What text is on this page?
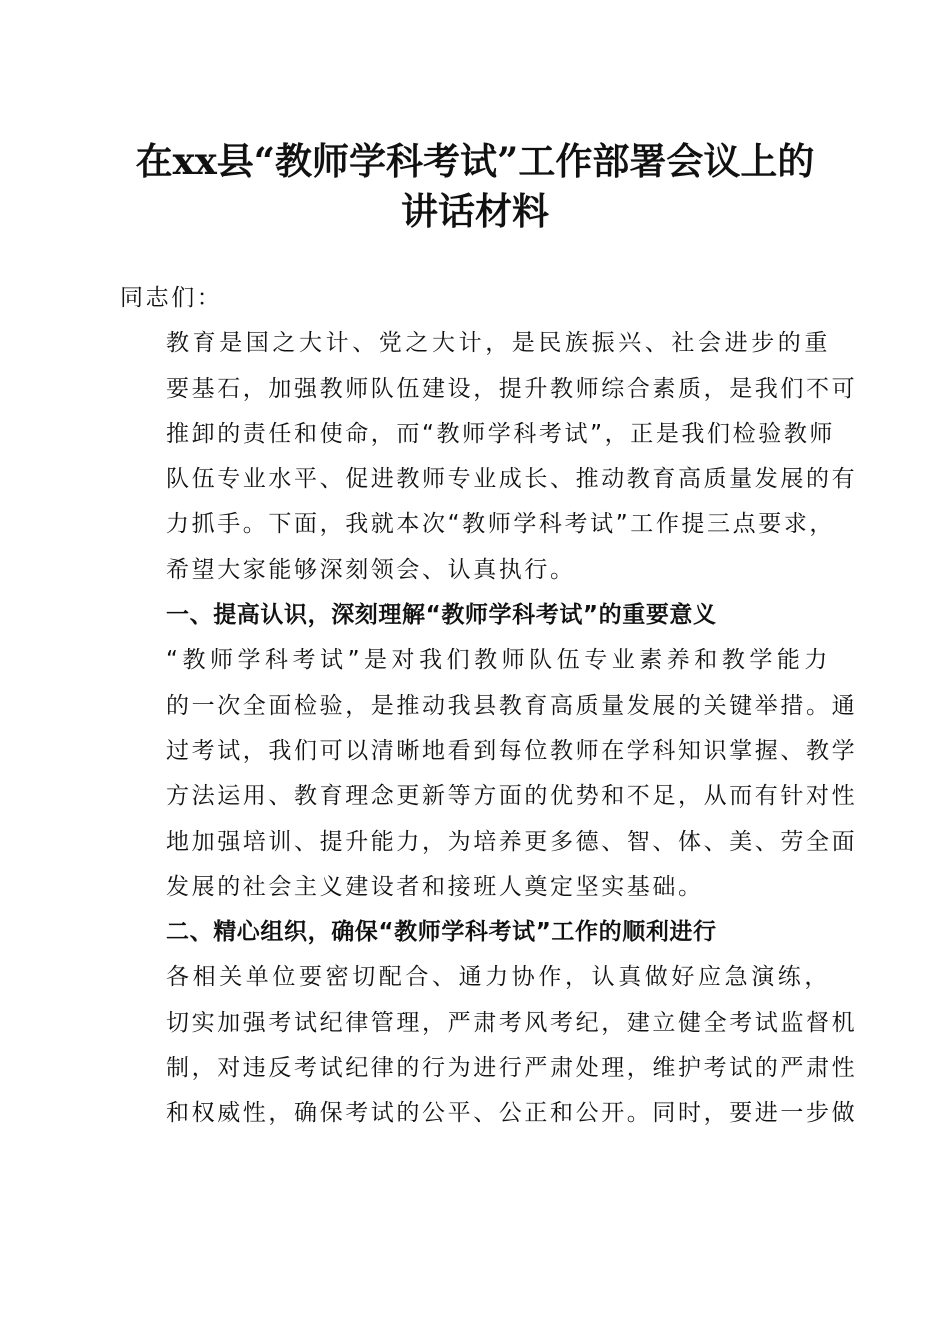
在xx县“教师学科考试”工作部署会议上的
讲话材料

同志们：

教育是国之大计、党之大计，是民族振兴、社会进步的重
要基石，加强教师队伍建设，提升教师综合素质，是我们不可
推卸的责任和使命，而“教师学科考试”，正是我们检验教师
队伍专业水平、促进教师专业成长、推动教育高质量发展的有
力抓手。下面，我就本次“教师学科考试”工作提三点要求，
希望大家能够深刻领会、认真执行。

一、提高认识，深刻理解“教师学科考试”的重要意义

“教师学科考试”是对我们教师队伍专业素养和教学能力
的一次全面检验，是推动我县教育高质量发展的关键举措。通
过考试，我们可以清晰地看到每位教师在学科知识掌握、教学
方法运用、教育理念更新等方面的优势和不足，从而有针对性
地加强培训、提升能力，为培养更多德、智、体、美、劳全面
发展的社会主义建设者和接班人奠定坚实基础。

二、精心组织，确保“教师学科考试”工作的顺利进行

各相关单位要密切配合、通力协作，认真做好应急演练，
切实加强考试纪律管理，严肃考风考纪，建立健全考试监督机
制，对违反考试纪律的行为进行严肃处理，维护考试的严肃性
和权威性，确保考试的公平、公正和公开。同时，要进一步做
